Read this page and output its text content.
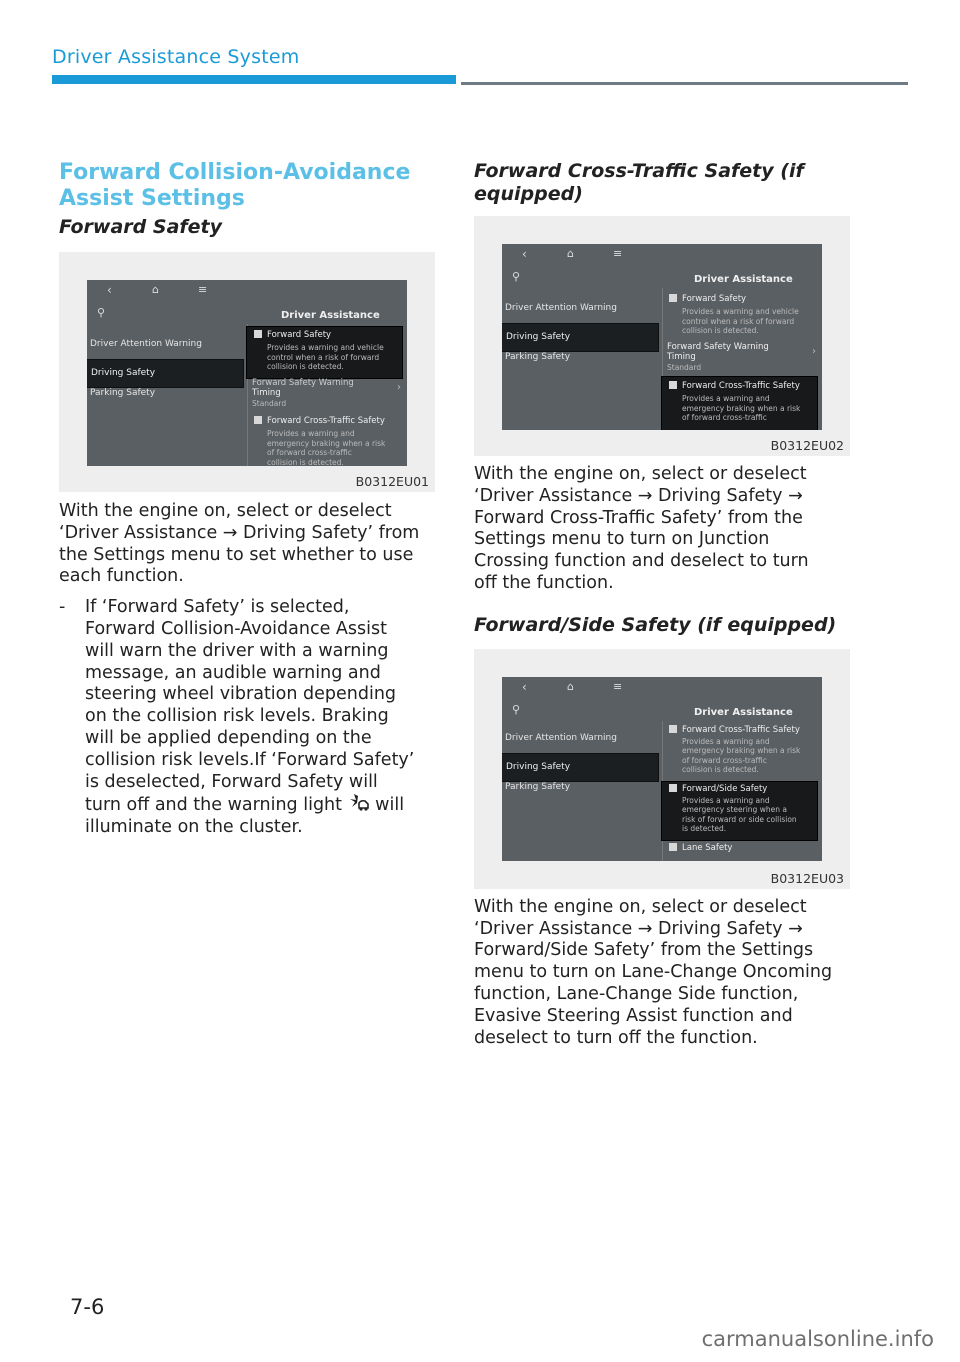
Driver Assistance System
Forward Collision-Avoidance
Assist Settings
Forward Safety
‹	⌂	≡
⚲	Driver Assistance
Driver Attention Warning
Driving Safety
Parking Safety
Forward Safety
Provides a warning and vehicle
control when a risk of forward
collision is detected.
Forward Safety Warning
Timing
Standard
›
Forward Cross-Traffic Safety
Provides a warning and
emergency braking when a risk
of forward cross-traffic
collision is detected.
B0312EU01
With the engine on, select or deselect
‘Driver Assistance → Driving Safety’ from
the Settings menu to set whether to use
each function.
- If ‘Forward Safety’ is selected,
Forward Collision-Avoidance Assist
will warn the driver with a warning
message, an audible warning and
steering wheel vibration depending
on the collision risk levels. Braking
will be applied depending on the
collision risk levels.If ‘Forward Safety’
is deselected, Forward Safety will
turn off and the warning light will
illuminate on the cluster.
Forward Cross-Traffic Safety (if
equipped)
‹	⌂	≡
⚲	Driver Assistance
Driver Attention Warning
Driving Safety
Parking Safety
Forward Safety
Provides a warning and vehicle
control when a risk of forward
collision is detected.
Forward Safety Warning
Timing
Standard
›
Forward Cross-Traffic Safety
Provides a warning and
emergency braking when a risk
of forward cross-traffic
B0312EU02
With the engine on, select or deselect
‘Driver Assistance → Driving Safety →
Forward Cross-Traffic Safety’ from the
Settings menu to turn on Junction
Crossing function and deselect to turn
off the function.
Forward/Side Safety (if equipped)
‹	⌂	≡
⚲	Driver Assistance
Driver Attention Warning
Driving Safety
Parking Safety
Forward Cross-Traffic Safety
Provides a warning and
emergency braking when a risk
of forward cross-traffic
collision is detected.
Forward/Side Safety
Provides a warning and
emergency steering when a
risk of forward or side collision
is detected.
Lane Safety
B0312EU03
With the engine on, select or deselect
‘Driver Assistance → Driving Safety →
Forward/Side Safety’ from the Settings
menu to turn on Lane-Change Oncoming
function, Lane-Change Side function,
Evasive Steering Assist function and
deselect to turn off the function.
7-6
carmanualsonline.info
